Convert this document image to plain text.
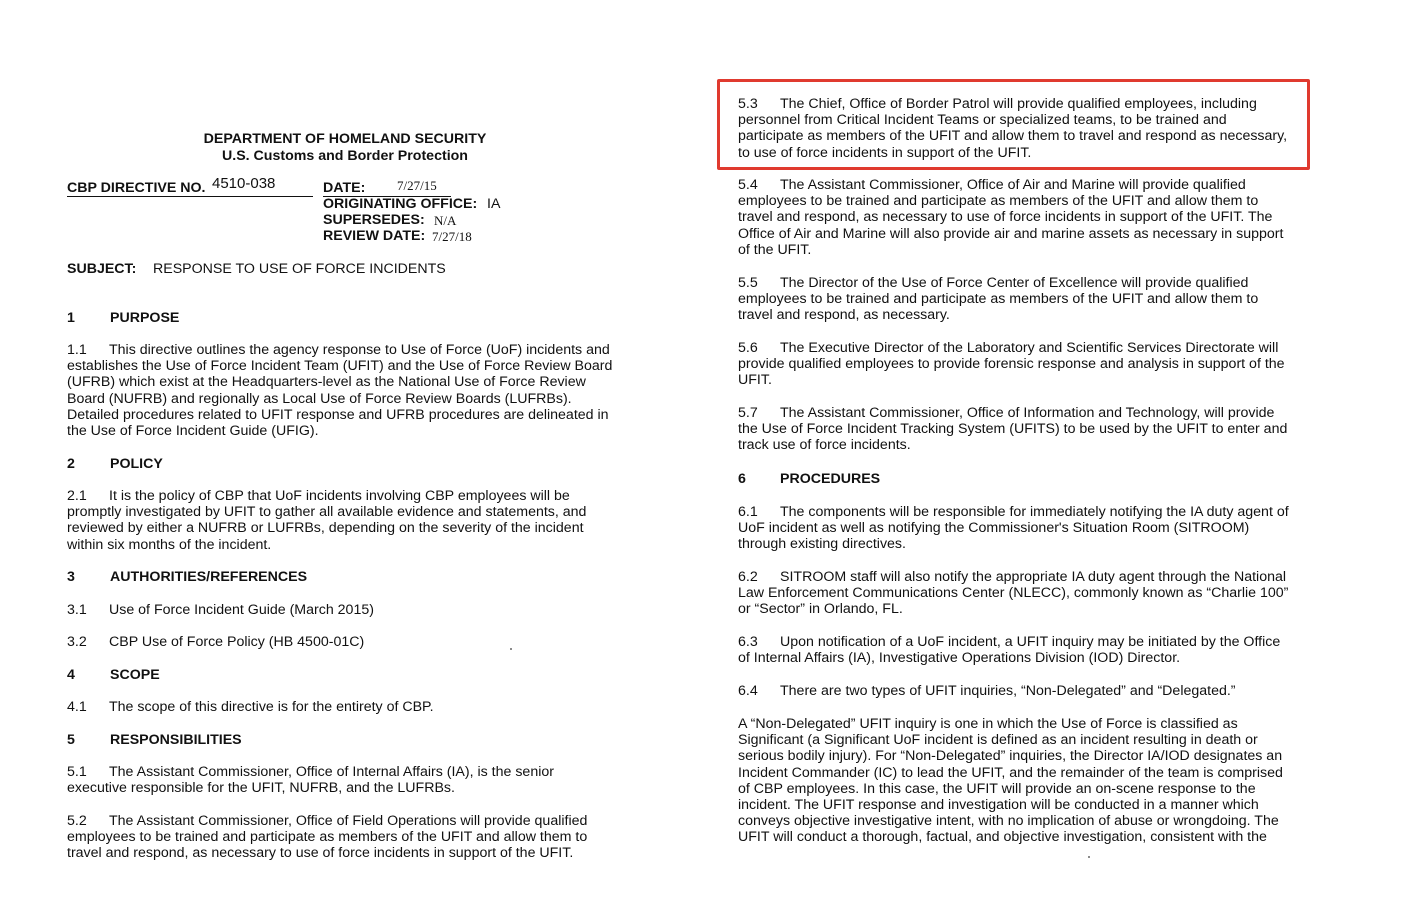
DEPARTMENT OF HOMELAND SECURITY
U.S. Customs and Border Protection
CBP DIRECTIVE NO. 4510-038	DATE: 7/27/15
ORIGINATING OFFICE: IA
SUPERSEDES: N/A
REVIEW DATE: 7/27/18
SUBJECT: RESPONSE TO USE OF FORCE INCIDENTS
1 PURPOSE
1.1 This directive outlines the agency response to Use of Force (UoF) incidents and
establishes the Use of Force Incident Team (UFIT) and the Use of Force Review Board
(UFRB) which exist at the Headquarters-level as the National Use of Force Review
Board (NUFRB) and regionally as Local Use of Force Review Boards (LUFRBs).
Detailed procedures related to UFIT response and UFRB procedures are delineated in
the Use of Force Incident Guide (UFIG).
2 POLICY
2.1 It is the policy of CBP that UoF incidents involving CBP employees will be
promptly investigated by UFIT to gather all available evidence and statements, and
reviewed by either a NUFRB or LUFRBs, depending on the severity of the incident
within six months of the incident.
3 AUTHORITIES/REFERENCES
3.1 Use of Force Incident Guide (March 2015)
3.2 CBP Use of Force Policy (HB 4500-01C)
4 SCOPE
4.1 The scope of this directive is for the entirety of CBP.
5 RESPONSIBILITIES
5.1 The Assistant Commissioner, Office of Internal Affairs (IA), is the senior
executive responsible for the UFIT, NUFRB, and the LUFRBs.
5.2 The Assistant Commissioner, Office of Field Operations will provide qualified
employees to be trained and participate as members of the UFIT and allow them to
travel and respond, as necessary to use of force incidents in support of the UFIT.
5.3 The Chief, Office of Border Patrol will provide qualified employees, including
personnel from Critical Incident Teams or specialized teams, to be trained and
participate as members of the UFIT and allow them to travel and respond as necessary,
to use of force incidents in support of the UFIT.
5.4 The Assistant Commissioner, Office of Air and Marine will provide qualified
employees to be trained and participate as members of the UFIT and allow them to
travel and respond, as necessary to use of force incidents in support of the UFIT. The
Office of Air and Marine will also provide air and marine assets as necessary in support
of the UFIT.
5.5 The Director of the Use of Force Center of Excellence will provide qualified
employees to be trained and participate as members of the UFIT and allow them to
travel and respond, as necessary.
5.6 The Executive Director of the Laboratory and Scientific Services Directorate will
provide qualified employees to provide forensic response and analysis in support of the
UFIT.
5.7 The Assistant Commissioner, Office of Information and Technology, will provide
the Use of Force Incident Tracking System (UFITS) to be used by the UFIT to enter and
track use of force incidents.
6 PROCEDURES
6.1 The components will be responsible for immediately notifying the IA duty agent of
UoF incident as well as notifying the Commissioner's Situation Room (SITROOM)
through existing directives.
6.2 SITROOM staff will also notify the appropriate IA duty agent through the National
Law Enforcement Communications Center (NLECC), commonly known as “Charlie 100”
or “Sector” in Orlando, FL.
6.3 Upon notification of a UoF incident, a UFIT inquiry may be initiated by the Office
of Internal Affairs (IA), Investigative Operations Division (IOD) Director.
6.4 There are two types of UFIT inquiries, “Non-Delegated” and “Delegated.”
A “Non-Delegated” UFIT inquiry is one in which the Use of Force is classified as
Significant (a Significant UoF incident is defined as an incident resulting in death or
serious bodily injury). For “Non-Delegated” inquiries, the Director IA/IOD designates an
Incident Commander (IC) to lead the UFIT, and the remainder of the team is comprised
of CBP employees. In this case, the UFIT will provide an on-scene response to the
incident. The UFIT response and investigation will be conducted in a manner which
conveys objective investigative intent, with no implication of abuse or wrongdoing. The
UFIT will conduct a thorough, factual, and objective investigation, consistent with the
